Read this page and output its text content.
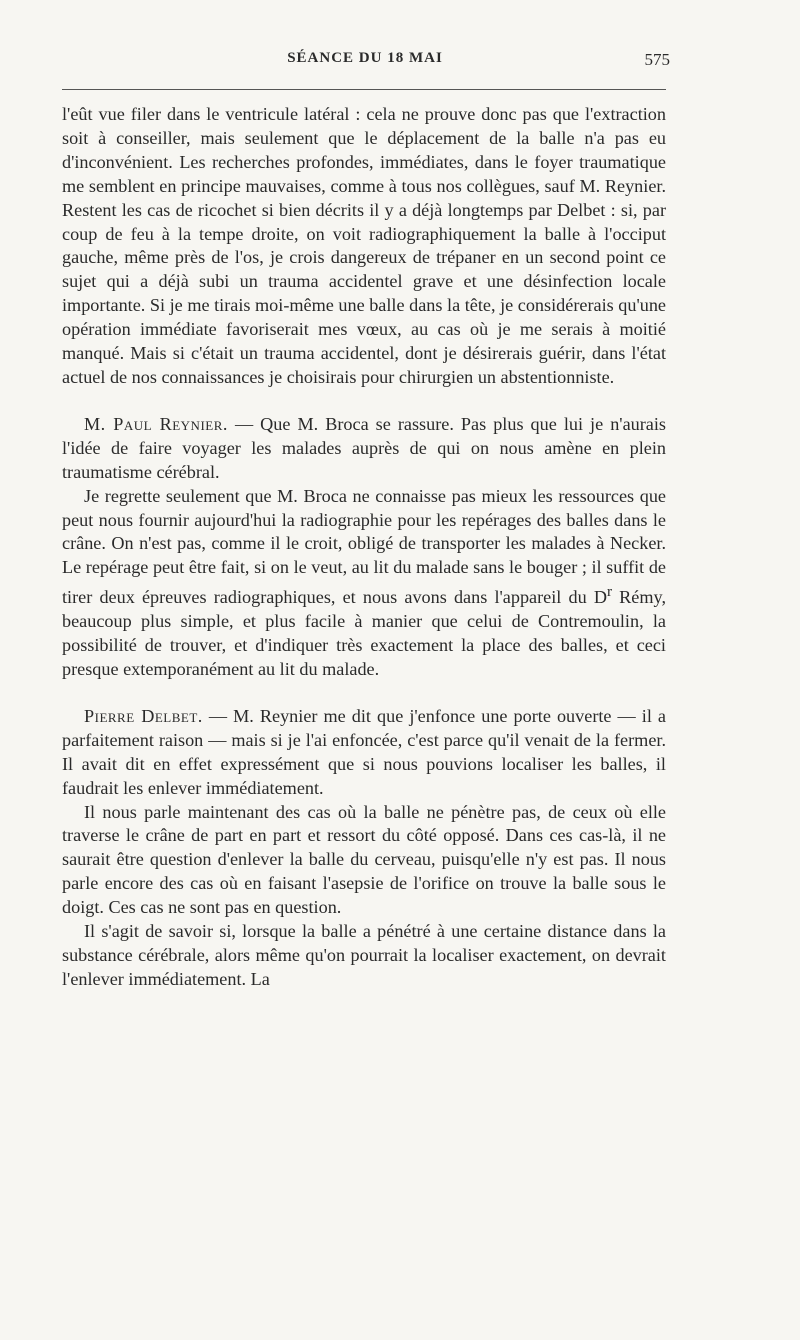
SÉANCE DU 18 MAI	575

l'eût vue filer dans le ventricule latéral : cela ne prouve donc pas que l'extraction soit à conseiller, mais seulement que le déplacement de la balle n'a pas eu d'inconvénient. Les recherches profondes, immédiates, dans le foyer traumatique me semblent en principe mauvaises, comme à tous nos collègues, sauf M. Reynier. Restent les cas de ricochet si bien décrits il y a déjà longtemps par Delbet : si, par coup de feu à la tempe droite, on voit radiographiquement la balle à l'occiput gauche, même près de l'os, je crois dangereux de trépaner en un second point ce sujet qui a déjà subi un trauma accidentel grave et une désinfection locale importante. Si je me tirais moi-même une balle dans la tête, je considérerais qu'une opération immédiate favoriserait mes vœux, au cas où je me serais à moitié manqué. Mais si c'était un trauma accidentel, dont je désirerais guérir, dans l'état actuel de nos connaissances je choisirais pour chirurgien un abstentionniste.

M. Paul Reynier. — Que M. Broca se rassure. Pas plus que lui je n'aurais l'idée de faire voyager les malades auprès de qui on nous amène en plein traumatisme cérébral.

Je regrette seulement que M. Broca ne connaisse pas mieux les ressources que peut nous fournir aujourd'hui la radiographie pour les repérages des balles dans le crâne. On n'est pas, comme il le croit, obligé de transporter les malades à Necker. Le repérage peut être fait, si on le veut, au lit du malade sans le bouger ; il suffit de tirer deux épreuves radiographiques, et nous avons dans l'appareil du $D^r$ Rémy, beaucoup plus simple, et plus facile à manier que celui de Contremoulin, la possibilité de trouver, et d'indiquer très exactement la place des balles, et ceci presque extemporanément au lit du malade.

Pierre Delbet. — M. Reynier me dit que j'enfonce une porte ouverte — il a parfaitement raison — mais si je l'ai enfoncée, c'est parce qu'il venait de la fermer. Il avait dit en effet expressément que si nous pouvions localiser les balles, il faudrait les enlever immédiatement.

Il nous parle maintenant des cas où la balle ne pénètre pas, de ceux où elle traverse le crâne de part en part et ressort du côté opposé. Dans ces cas-là, il ne saurait être question d'enlever la balle du cerveau, puisqu'elle n'y est pas. Il nous parle encore des cas où en faisant l'asepsie de l'orifice on trouve la balle sous le doigt. Ces cas ne sont pas en question.

Il s'agit de savoir si, lorsque la balle a pénétré à une certaine distance dans la substance cérébrale, alors même qu'on pourrait la localiser exactement, on devrait l'enlever immédiatement. La
